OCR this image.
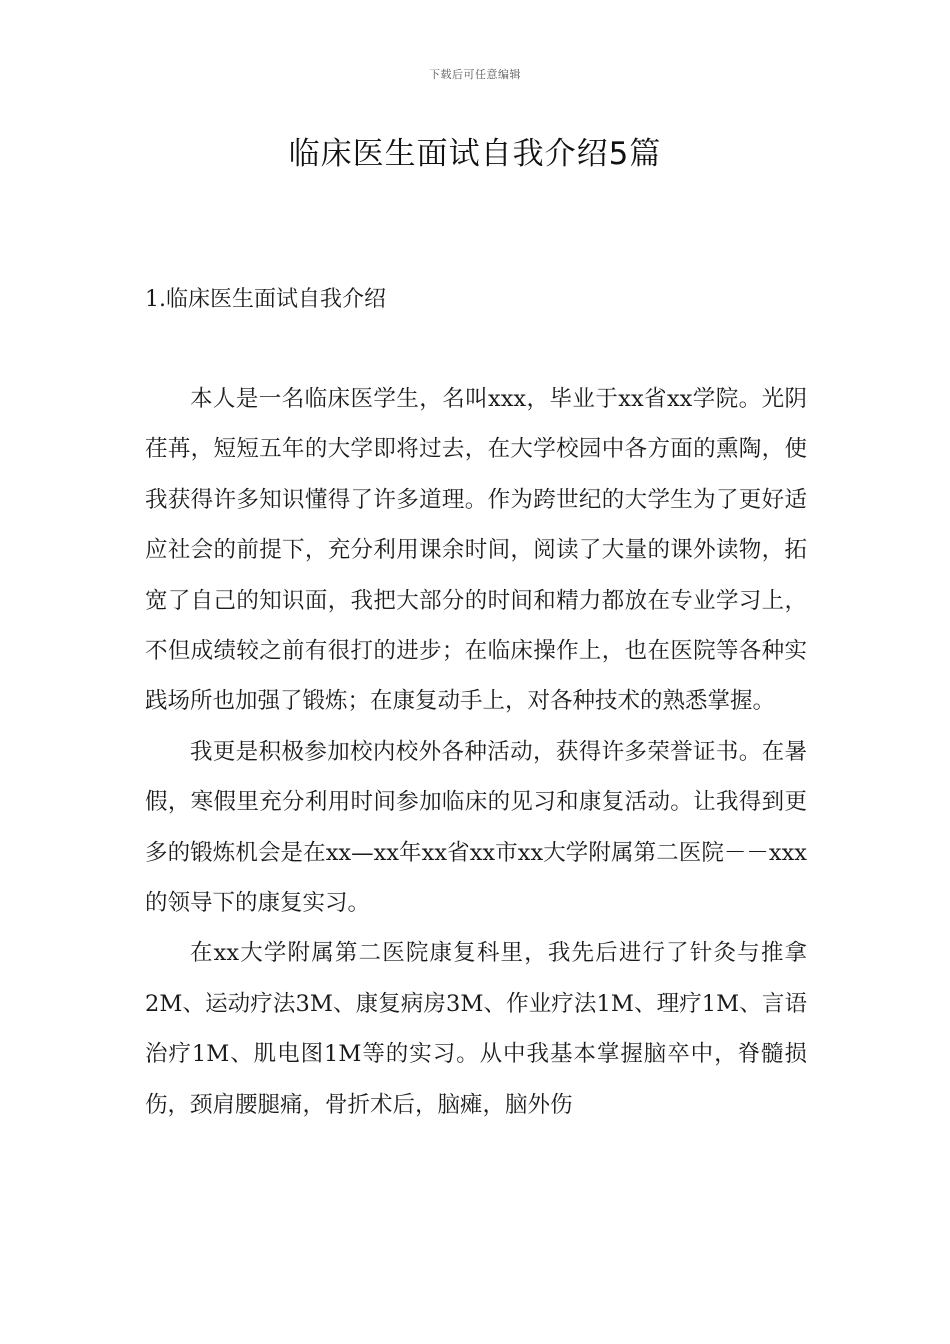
下载后可任意编辑
临床医生面试自我介绍5篇
1.临床医生面试自我介绍

本人是一名临床医学生，名叫xxx，毕业于xx省xx学院。光阴荏苒，短短五年的大学即将过去，在大学校园中各方面的熏陶，使我获得许多知识懂得了许多道理。作为跨世纪的大学生为了更好适应社会的前提下，充分利用课余时间，阅读了大量的课外读物，拓宽了自己的知识面，我把大部分的时间和精力都放在专业学习上，不但成绩较之前有很打的进步；在临床操作上，也在医院等各种实践场所也加强了锻炼；在康复动手上，对各种技术的熟悉掌握。

我更是积极参加校内校外各种活动，获得许多荣誉证书。在暑假，寒假里充分利用时间参加临床的见习和康复活动。让我得到更多的锻炼机会是在xx—xx年xx省xx市xx大学附属第二医院－－xxx的领导下的康复实习。

在xx大学附属第二医院康复科里，我先后进行了针灸与推拿2M、运动疗法3M、康复病房3M、作业疗法1M、理疗1M、言语治疗1M、肌电图1M等的实习。从中我基本掌握脑卒中，脊髓损伤，颈肩腰腿痛，骨折术后，脑瘫，脑外伤
